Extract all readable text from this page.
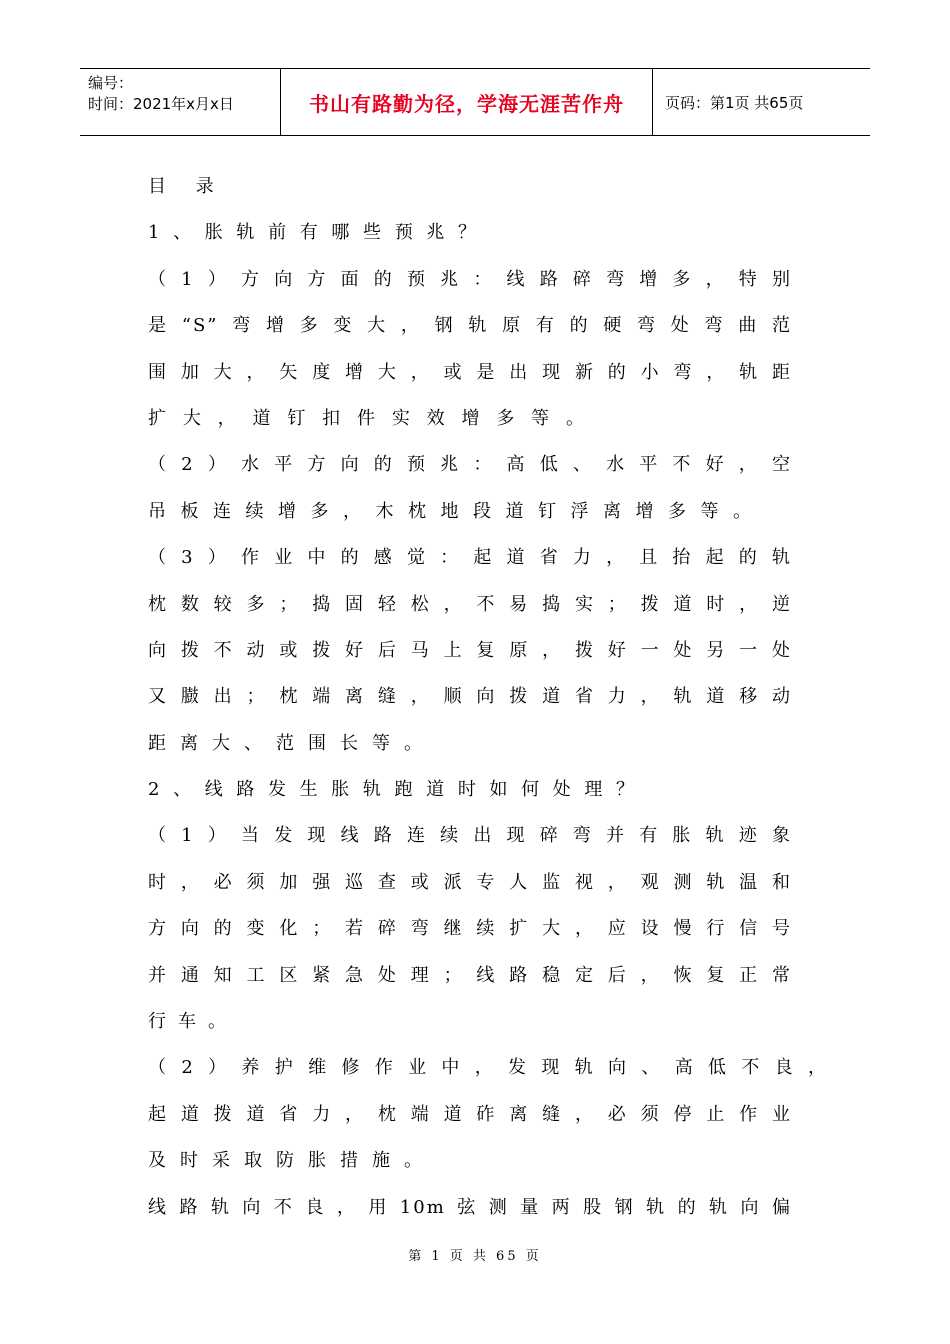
编号：
时间：2021年x月x日	书山有路勤为径，学海无涯苦作舟	页码：第1页 共65页
目 录
1、胀轨前有哪些预兆？
（1）方向方面的预兆：线路碎弯增多，特别
是“S”弯增多变大，钢轨原有的硬弯处弯曲范
围加大，矢度增大，或是出现新的小弯，轨距
扩大，道钉扣件实效增多等。
（2）水平方向的预兆：高低、水平不好，空
吊板连续增多，木枕地段道钉浮离增多等。
（3）作业中的感觉：起道省力，且抬起的轨
枕数较多；捣固轻松，不易捣实；拨道时，逆
向拨不动或拨好后马上复原，拨好一处另一处
又臌出；枕端离缝，顺向拨道省力，轨道移动
距离大、范围长等。
2、线路发生胀轨跑道时如何处理？
（1）当发现线路连续出现碎弯并有胀轨迹象
时，必须加强巡查或派专人监视，观测轨温和
方向的变化；若碎弯继续扩大，应设慢行信号
并通知工区紧急处理；线路稳定后，恢复正常
行车。
（2）养护维修作业中，发现轨向、高低不良，
起道拨道省力，枕端道砟离缝，必须停止作业
及时采取防胀措施。
线路轨向不良，用10m弦测量两股钢轨的轨向偏
第 1 页 共 65 页
